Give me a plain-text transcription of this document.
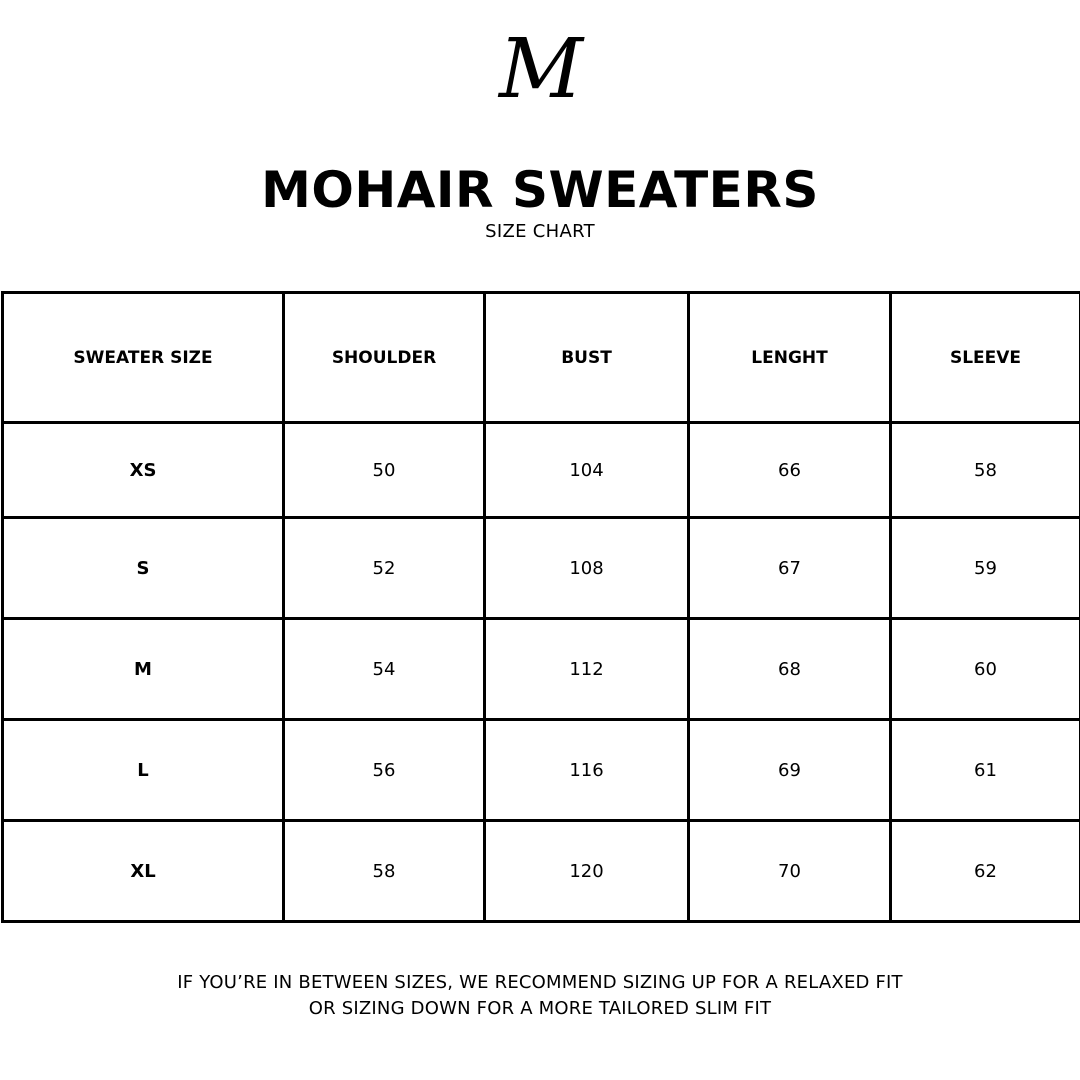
M
MOHAIR SWEATERS
SIZE CHART
SWEATER SIZE	SHOULDER	BUST	LENGHT	SLEEVE
XS	50	104	66	58
S	52	108	67	59
M	54	112	68	60
L	56	116	69	61
XL	58	120	70	62
IF YOU’RE IN BETWEEN SIZES, WE RECOMMEND SIZING UP FOR A RELAXED FIT
OR SIZING DOWN FOR A MORE TAILORED SLIM FIT
